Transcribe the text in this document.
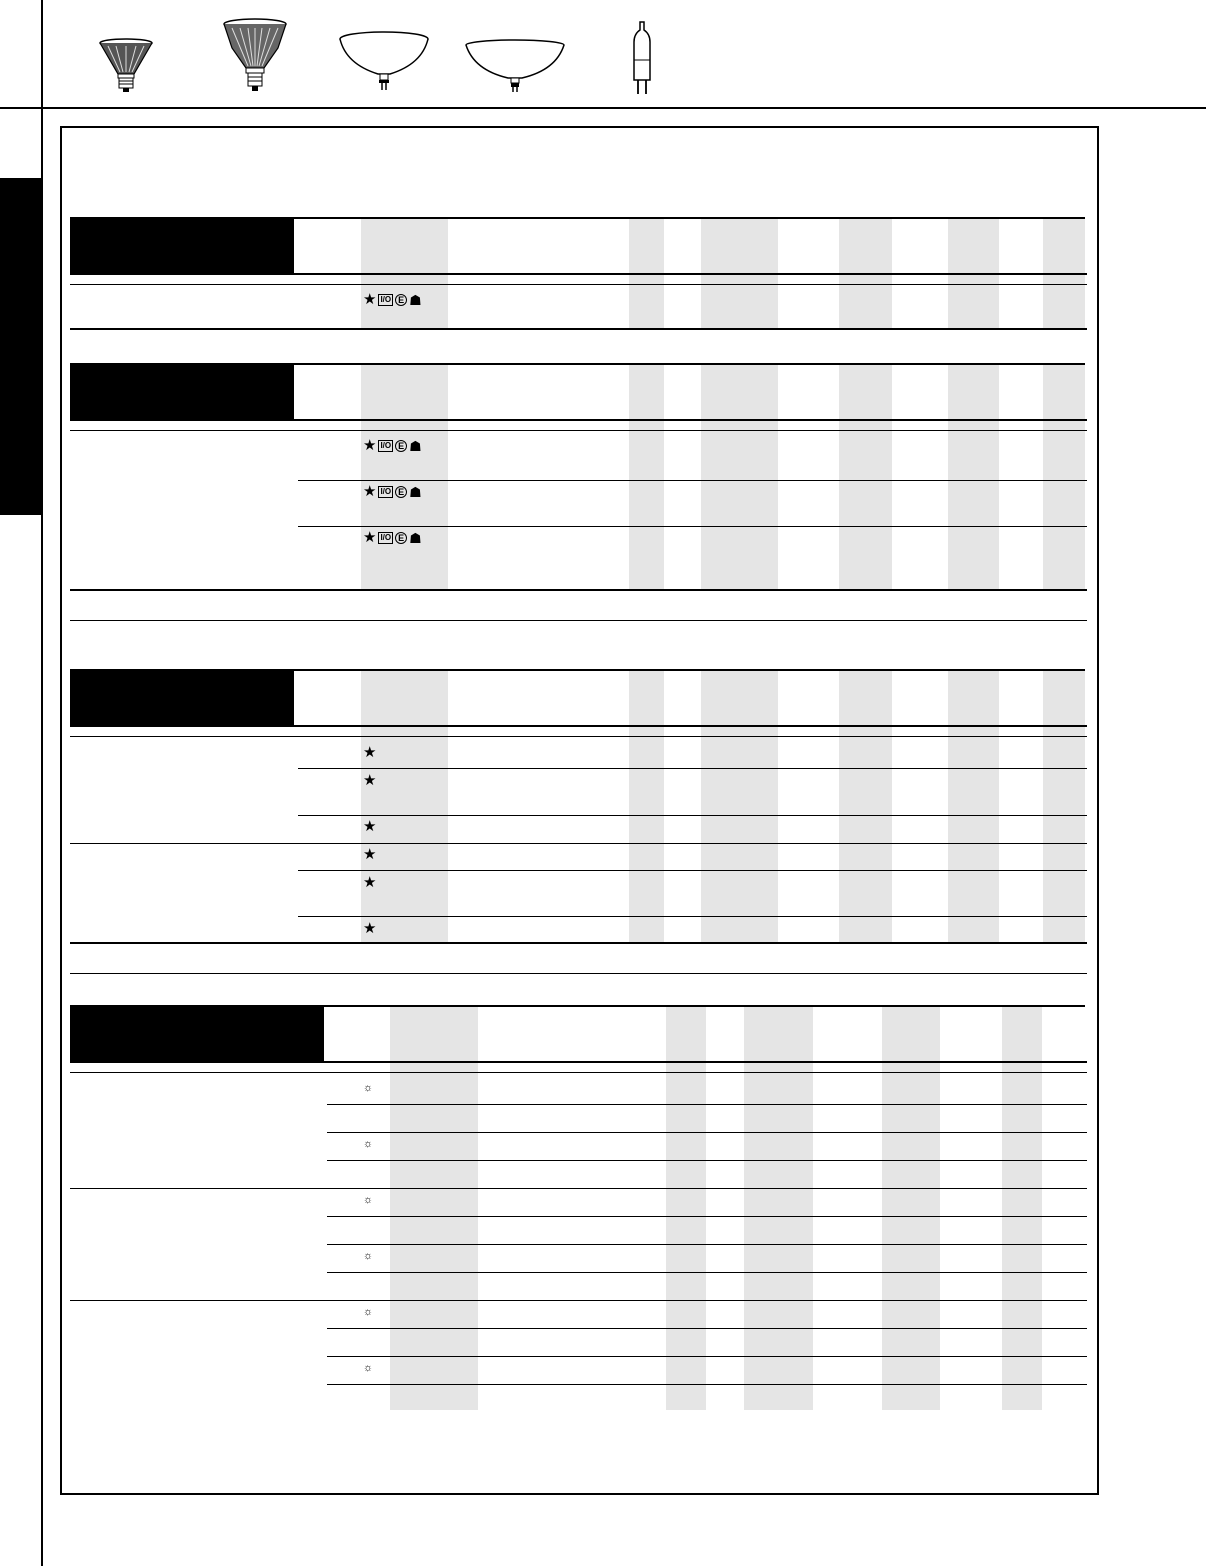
★ I/O E ☗
★ I/O E ☗
★ I/O E ☗
★ I/O E ☗
★
★
★
★
★
★
☼
☼
☼
☼
☼
☼
